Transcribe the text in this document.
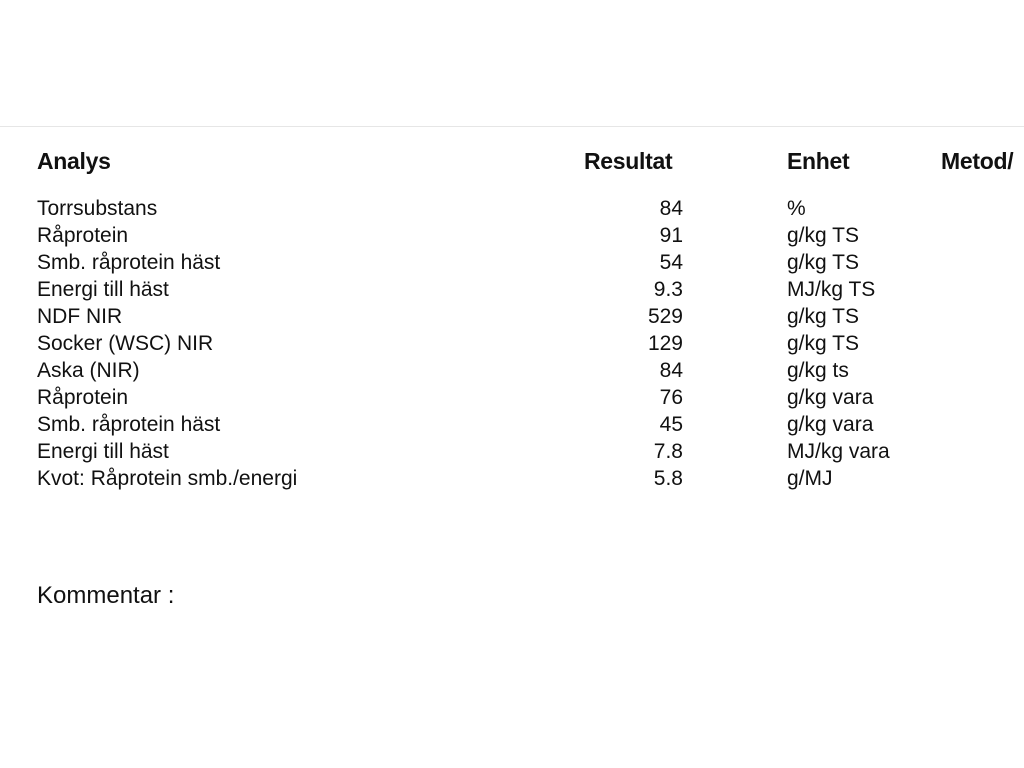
Analys	Resultat	Enhet	Metod/
Torrsubstans	84	%
Råprotein	91	g/kg TS
Smb. råprotein häst	54	g/kg TS
Energi till häst	9.3	MJ/kg TS
NDF NIR	529	g/kg TS
Socker (WSC) NIR	129	g/kg TS
Aska (NIR)	84	g/kg ts
Råprotein	76	g/kg vara
Smb. råprotein häst	45	g/kg vara
Energi till häst	7.8	MJ/kg vara
Kvot: Råprotein smb./energi	5.8	g/MJ
Kommentar :
